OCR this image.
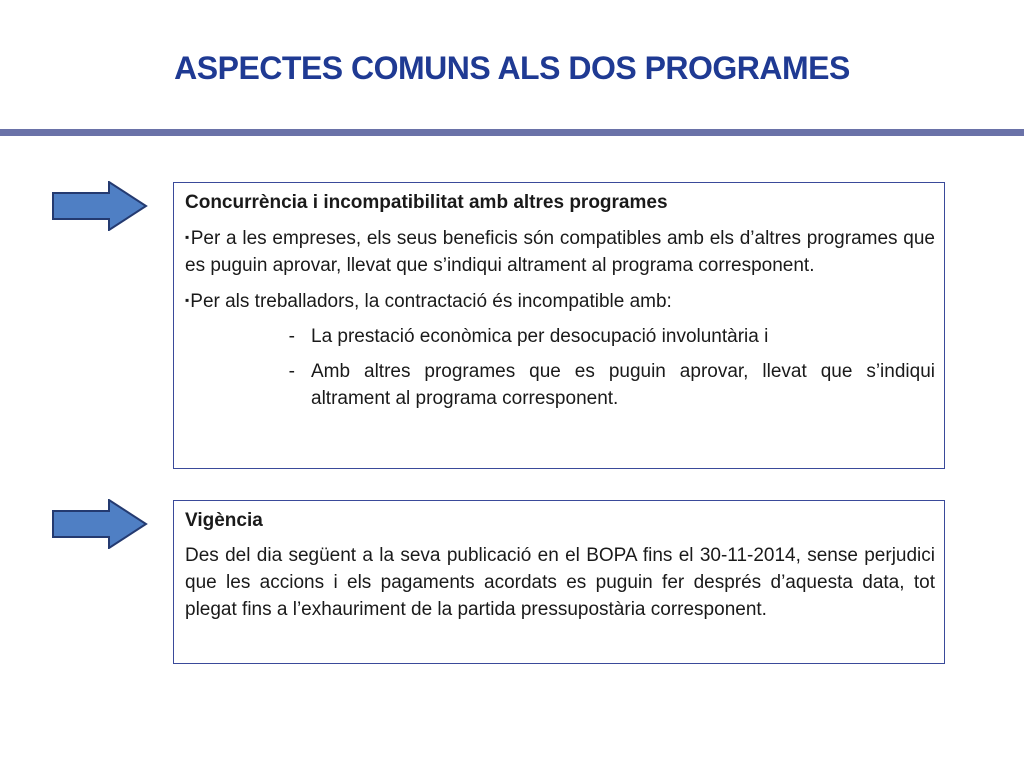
ASPECTES COMUNS ALS DOS PROGRAMES
Concurrència i incompatibilitat amb altres programes
▪Per a les empreses, els seus beneficis són compatibles amb els d’altres programes que es puguin aprovar, llevat que s’indiqui altrament al programa corresponent.
▪Per als treballadors, la contractació és incompatible amb:
- La prestació econòmica per desocupació involuntària i
- Amb altres programes que es puguin aprovar, llevat que s’indiqui altrament al programa corresponent.
Vigència
Des del dia següent a la seva publicació en el BOPA fins el 30-11-2014, sense perjudici que les accions i els pagaments acordats es puguin fer després d’aquesta data, tot plegat fins a l’exhauriment de la partida pressupostària corresponent.
